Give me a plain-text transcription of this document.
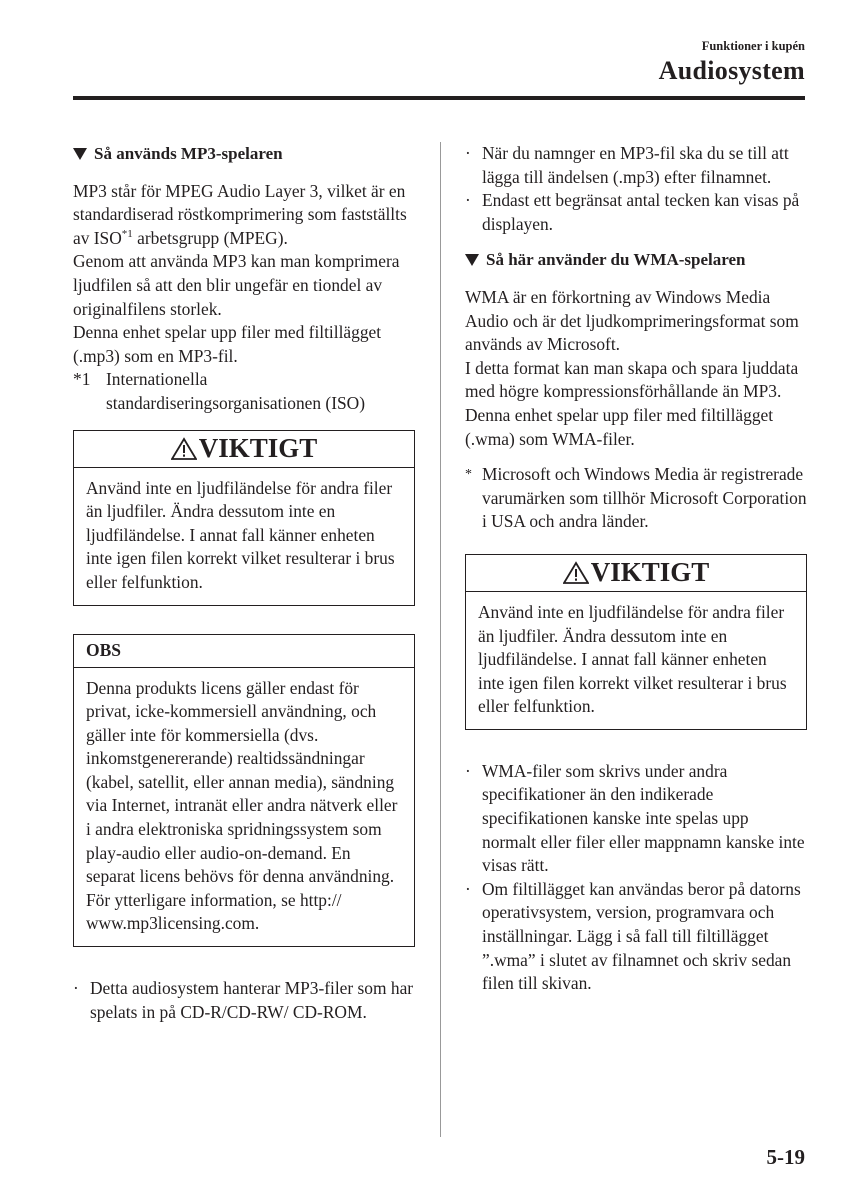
Funktioner i kupén
Audiosystem
Så används MP3-spelaren

MP3 står för MPEG Audio Layer 3, vilket är en standardiserad röstkomprimering som fastställts av ISO$^{*1}$ arbetsgrupp (MPEG).

Genom att använda MP3 kan man komprimera ljudfilen så att den blir ungefär en tiondel av originalfilens storlek.

Denna enhet spelar upp filer med filtillägget (.mp3) som en MP3-fil.

*1 Internationella standardiseringsorganisationen (ISO)
VIKTIGT
Använd inte en ljudfiländelse för andra filer än ljudfiler. Ändra dessutom inte en ljudfiländelse. I annat fall känner enheten inte igen filen korrekt vilket resulterar i brus eller felfunktion.
OBS
Denna produkts licens gäller endast för privat, icke-kommersiell användning, och gäller inte för kommersiella (dvs. inkomstgenererande) realtidssändningar (kabel, satellit, eller annan media), sändning via Internet, intranät eller andra nätverk eller i andra elektroniska spridningssystem som play-audio eller audio-on-demand. En separat licens behövs för denna användning. För ytterligare information, se http:// www.mp3licensing.com.
· Detta audiosystem hanterar MP3-filer som har spelats in på CD-R/CD-RW/ CD-ROM.
· När du namnger en MP3-fil ska du se till att lägga till ändelsen (.mp3) efter filnamnet.
· Endast ett begränsat antal tecken kan visas på displayen.
Så här använder du WMA-spelaren

WMA är en förkortning av Windows Media Audio och är det ljudkomprimeringsformat som används av Microsoft.

I detta format kan man skapa och spara ljuddata med högre kompressionsförhållande än MP3.

Denna enhet spelar upp filer med filtillägget (.wma) som WMA-filer.

* Microsoft och Windows Media är registrerade varumärken som tillhör Microsoft Corporation i USA och andra länder.
VIKTIGT
Använd inte en ljudfiländelse för andra filer än ljudfiler. Ändra dessutom inte en ljudfiländelse. I annat fall känner enheten inte igen filen korrekt vilket resulterar i brus eller felfunktion.
· WMA-filer som skrivs under andra specifikationer än den indikerade specifikationen kanske inte spelas upp normalt eller filer eller mappnamn kanske inte visas rätt.
· Om filtillägget kan användas beror på datorns operativsystem, version, programvara och inställningar. Lägg i så fall till filtillägget ”.wma” i slutet av filnamnet och skriv sedan filen till skivan.
5-19
